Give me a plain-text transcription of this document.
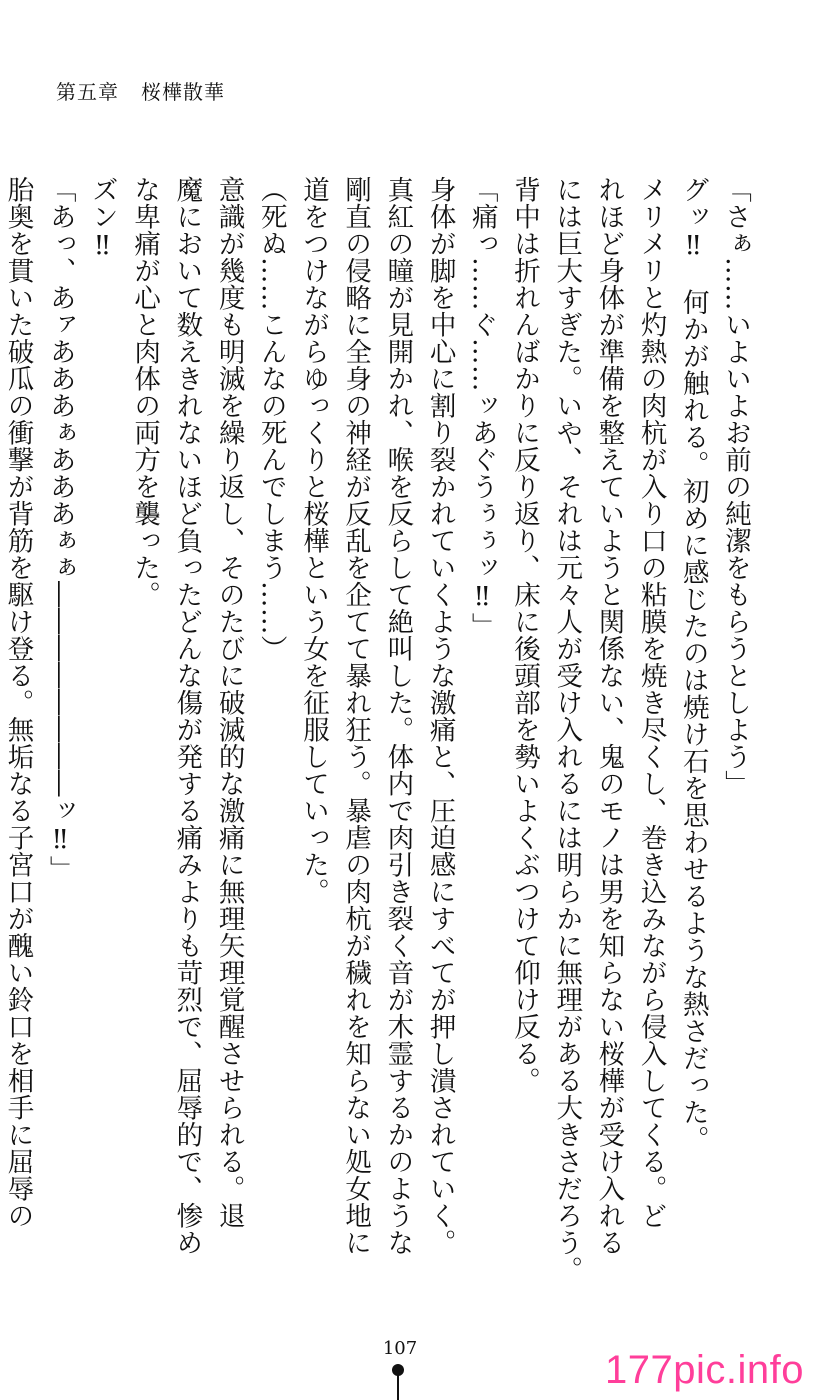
第五章 桜樺散華

「さぁ……いよいよお前の純潔をもらうとしよう」

グッ‼　何かが触れる。初めに感じたのは焼け石を思わせるような熱さだった。

メリメリと灼熱の肉杭が入り口の粘膜を焼き尽くし、巻き込みながら侵入してくる。ど

れほど身体が準備を整えていようと関係ない、鬼のモノは男を知らない桜樺が受け入れる

には巨大すぎた。いや、それは元々人が受け入れるには明らかに無理がある大きさだろう。

背中は折れんばかりに反り返り、床に後頭部を勢いよくぶつけて仰け反る。

「痛っ……ぐ……ッあぐうぅぅッ‼」

身体が脚を中心に割り裂かれていくような激痛と、圧迫感にすべてが押し潰されていく。

真紅の瞳が見開かれ、喉を反らして絶叫した。体内で肉引き裂く音が木霊するかのような

剛直の侵略に全身の神経が反乱を企てて暴れ狂う。暴虐の肉杭が穢れを知らない処女地に

道をつけながらゆっくりと桜樺という女を征服していった。

（死ぬ……こんなの死んでしまう……）

意識が幾度も明滅を繰り返し、そのたびに破滅的な激痛に無理矢理覚醒させられる。退

魔において数えきれないほど負ったどんな傷が発する痛みよりも苛烈で、屈辱的で、惨め

な卑痛が心と肉体の両方を襲った。

ズン‼

「あっ、あァあああぁあああぁぁ――――――――ッ‼」

胎奥を貫いた破瓜の衝撃が背筋を駆け登る。無垢なる子宮口が醜い鈴口を相手に屈辱の

107	177pic.info
